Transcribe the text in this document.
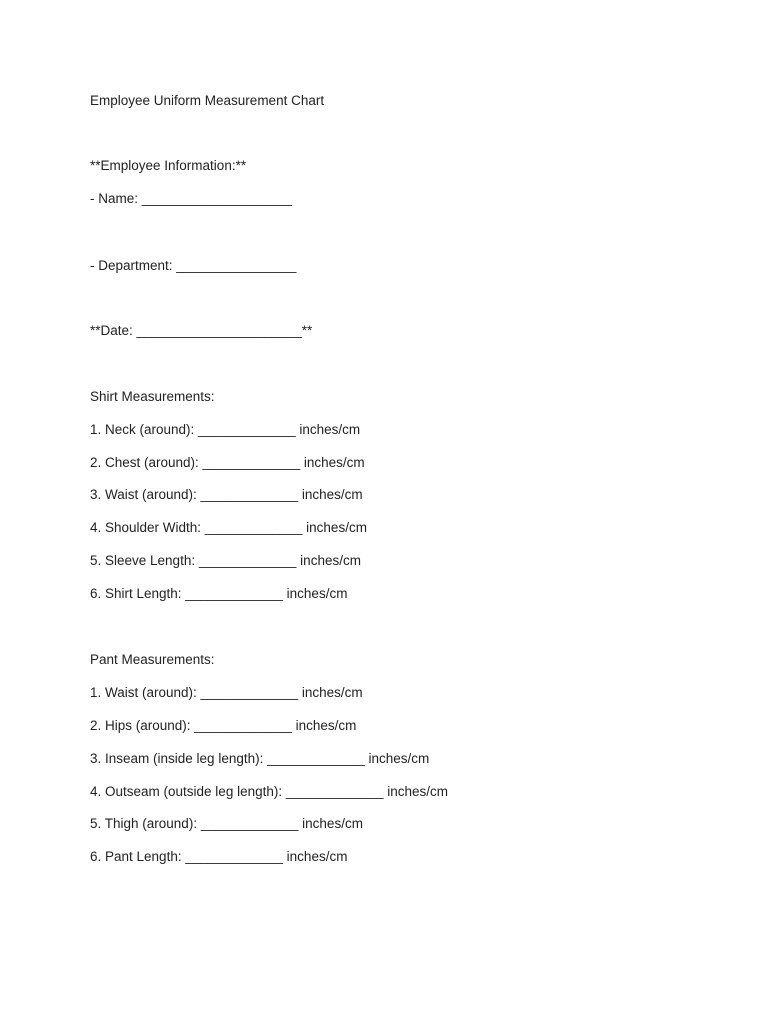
Employee Uniform Measurement Chart

**Employee Information:**

- Name: ____________________

- Department: ________________

**Date: ______________________**

Shirt Measurements:

1. Neck (around): _____________ inches/cm

2. Chest (around): _____________ inches/cm

3. Waist (around): _____________ inches/cm

4. Shoulder Width: _____________ inches/cm

5. Sleeve Length: _____________ inches/cm

6. Shirt Length: _____________ inches/cm

Pant Measurements:

1. Waist (around): _____________ inches/cm

2. Hips (around): _____________ inches/cm

3. Inseam (inside leg length): _____________ inches/cm

4. Outseam (outside leg length): _____________ inches/cm

5. Thigh (around): _____________ inches/cm

6. Pant Length: _____________ inches/cm
